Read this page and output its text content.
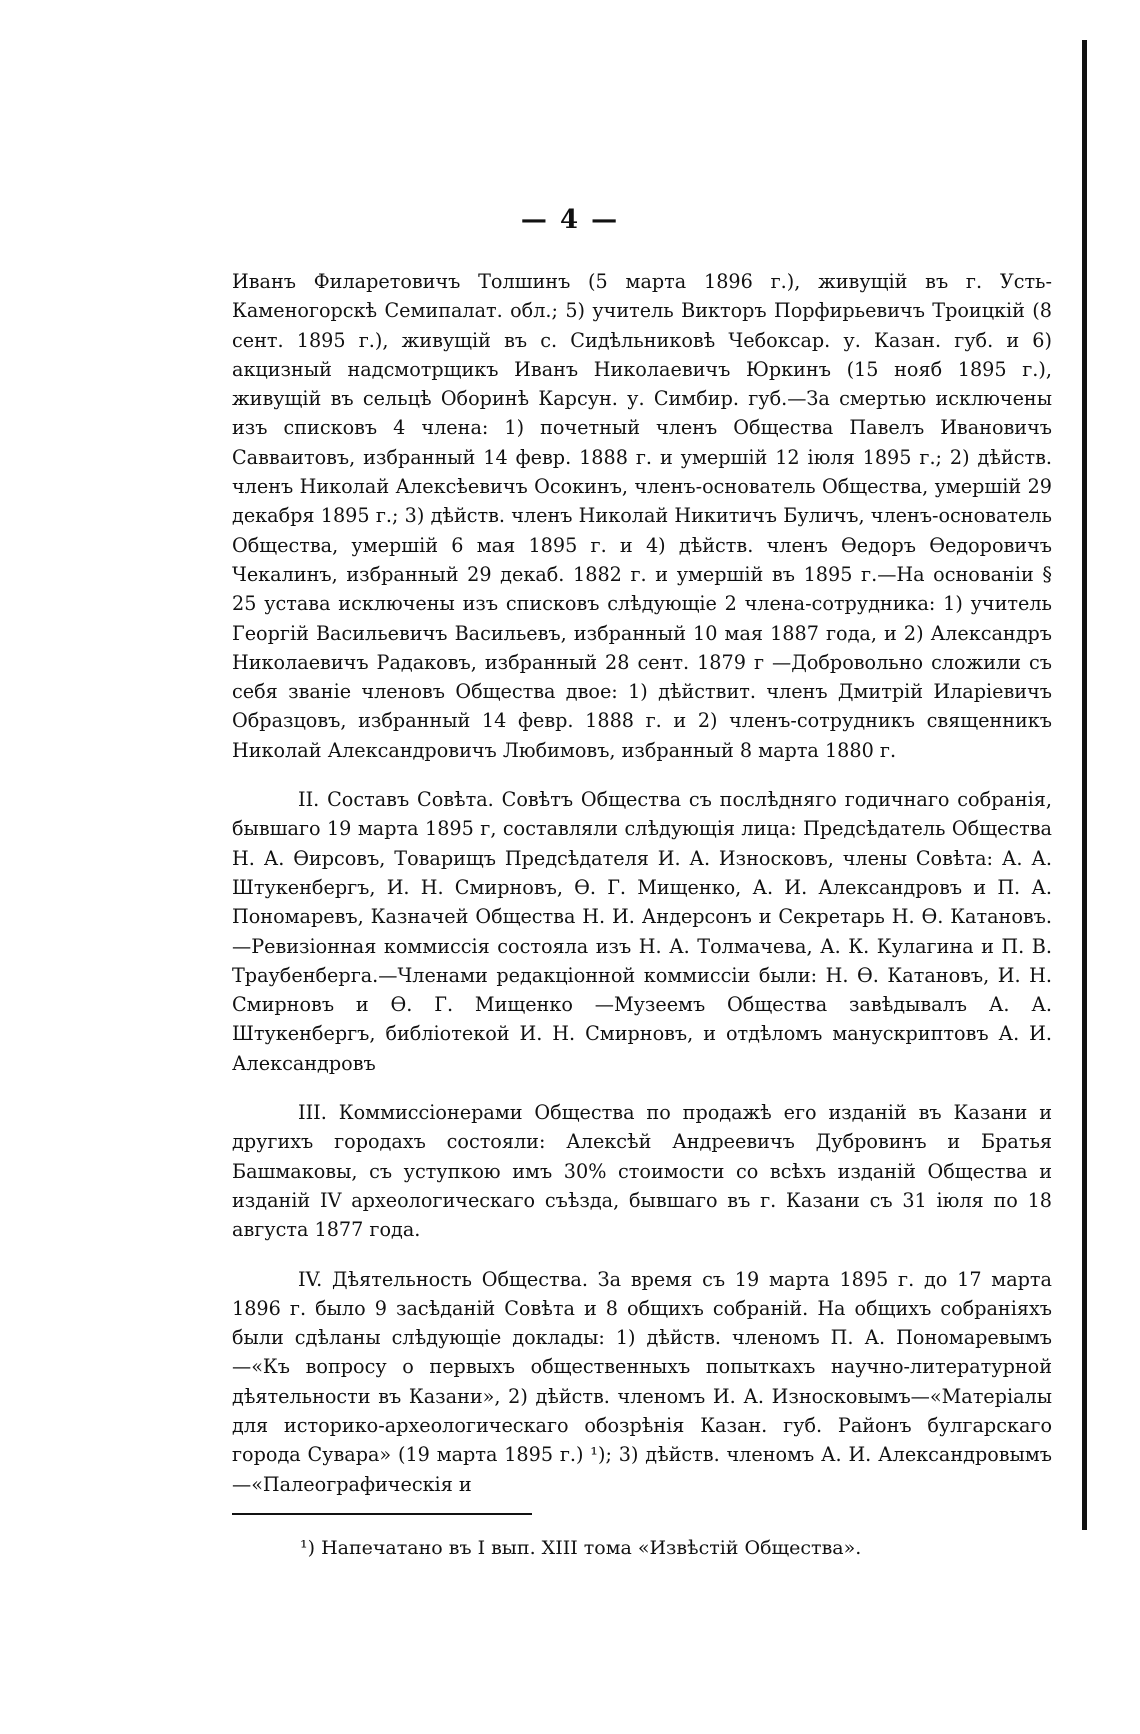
— 4 —

Иванъ Филаретовичъ Толшинъ (5 марта 1896 г.), живущій въ г. Усть-Каменогорскѣ Семипалат. обл.; 5) учитель Викторъ Порфирьевичъ Троицкій (8 сент. 1895 г.), живущій въ с. Сидѣльниковѣ Чебоксар. у. Казан. губ. и 6) акцизный надсмотрщикъ Иванъ Николаевичъ Юркинъ (15 нояб 1895 г.), живущій въ сельцѣ Оборинѣ Карсун. у. Симбир. губ.—За смертью исключены изъ списковъ 4 члена: 1) почетный членъ Общества Павелъ Ивановичъ Саввaитовъ, избранный 14 февр. 1888 г. и умершій 12 іюля 1895 г.; 2) дѣйств. членъ Николай Алексѣевичъ Осокинъ, членъ-основатель Общества, умершій 29 декабря 1895 г.; 3) дѣйств. членъ Николай Никитичъ Буличъ, членъ-основатель Общества, умершій 6 мая 1895 г. и 4) дѣйств. членъ Өедоръ Өедоровичъ Чекалинъ, избранный 29 декаб. 1882 г. и умершій въ 1895 г.—На основаніи § 25 устава исключены изъ списковъ слѣдующіе 2 члена-сотрудника: 1) учитель Георгій Васильевичъ Васильевъ, избранный 10 мая 1887 года, и 2) Александръ Николаевичъ Радаковъ, избранный 28 сент. 1879 г —Добровольно сложили съ себя званіе членовъ Общества двое: 1) дѣйствит. членъ Дмитрій Иларіевичъ Образцовъ, избранный 14 февр. 1888 г. и 2) членъ-сотрудникъ священникъ Николай Александровичъ Любимовъ, избранный 8 марта 1880 г.

II. Составъ Совѣта. Совѣтъ Общества съ послѣдняго годичнаго собранія, бывшаго 19 марта 1895 г, составляли слѣдующія лица: Предсѣдатель Общества Н. А. Өирсовъ, Товарищъ Предсѣдателя И. А. Износковъ, члены Совѣта: А. А. Штукенбергъ, И. Н. Смирновъ, Ө. Г. Мищенко, А. И. Александровъ и П. А. Пономаревъ, Казначей Общества Н. И. Андерсонъ и Секретарь Н. Ө. Катановъ.—Ревизіонная коммиссія состояла изъ Н. А. Толмачева, А. К. Кулагина и П. В. Траубенберга.—Членами редакціонной коммиссіи были: Н. Ө. Катановъ, И. Н. Смирновъ и Ө. Г. Мищенко —Музеемъ Общества завѣдывалъ А. А. Штукенбергъ, библіотекой И. Н. Смирновъ, и отдѣломъ манускриптовъ А. И. Александровъ

III. Коммиссіонерами Общества по продажѣ его изданій въ Казани и другихъ городахъ состояли: Алексѣй Андреевичъ Дубровинъ и Братья Башмаковы, съ уступкою имъ 30% стоимости со всѣхъ изданій Общества и изданій IV археологическаго съѣзда, бывшаго въ г. Казани съ 31 іюля по 18 августа 1877 года.

IV. Дѣятельность Общества. За время съ 19 марта 1895 г. до 17 марта 1896 г. было 9 засѣданій Совѣта и 8 общихъ собраній. На общихъ собраніяхъ были сдѣланы слѣдующіе доклады: 1) дѣйств. членомъ П. А. Пономаревымъ—«Къ вопросу о первыхъ общественныхъ попыткахъ научно-литературной дѣятельности въ Казани», 2) дѣйств. членомъ И. А. Износковымъ—«Матеріалы для историко-археологическаго обозрѣнія Казан. губ. Районъ булгарскаго города Сувара» (19 марта 1895 г.) ¹); 3) дѣйств. членомъ А. И. Александровымъ—«Палеографическія и

¹) Напечатано въ I вып. XIII тома «Извѣстій Общества».
